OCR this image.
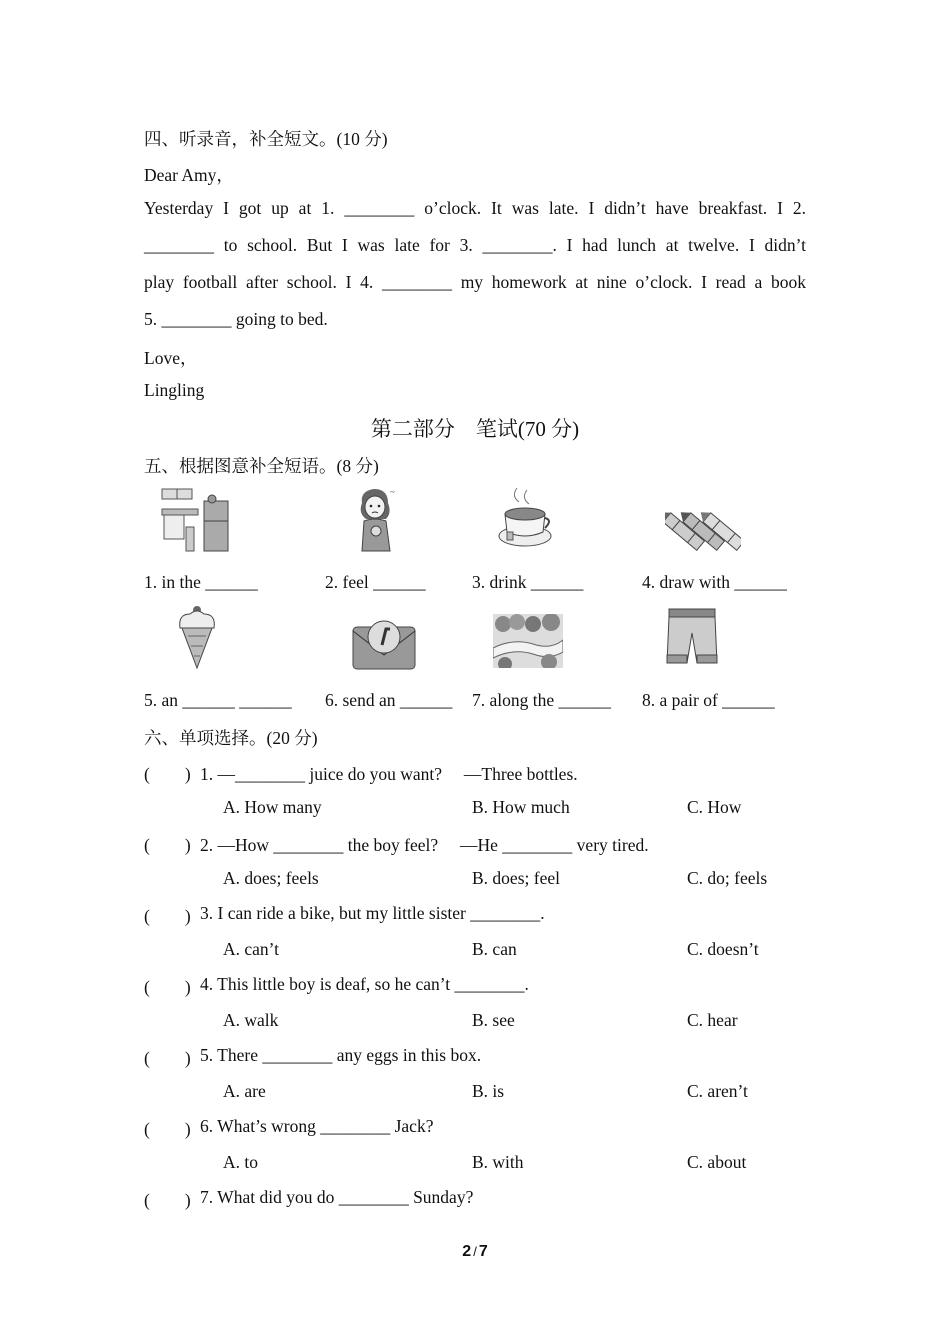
四、听录音，补全短文。(10 分)
Dear Amy，
Yesterday I got up at 1. ________ o’clock. It was late. I didn’t have breakfast. I 2.
________ to school. But I was late for 3. ________. I had lunch at twelve. I didn’t
play football after school. I 4. ________ my homework at nine o’clock. I read a book
5. ________ going to bed.
Love，
Lingling
第二部分　笔试(70 分)
五、根据图意补全短语。(8 分)
~
1. in the ______	2. feel ______	3. drink ______	4. draw with ______
5. an ______ ______ 6. send an ______ 7. along the ______ 8. a pair of ______
六、单项选择。(20 分)
(　　) 1. —________ juice do you want?　 —Three bottles.
A. How many	B. How much	C. How
(　　) 2. —How ________ the boy feel?　 —He ________ very tired.
A. does; feels	B. does; feel	C. do; feels
(　　) 3. I can ride a bike, but my little sister ________.
A. can’t	B. can	C. doesn’t
(　　) 4. This little boy is deaf, so he can’t ________.
A. walk	B. see	C. hear
(　　) 5. There ________ any eggs in this box.
A. are	B. is	C. aren’t
(　　) 6. What’s wrong ________ Jack?
A. to	B. with	C. about
(　　) 7. What did you do ________ Sunday?
2 / 7
